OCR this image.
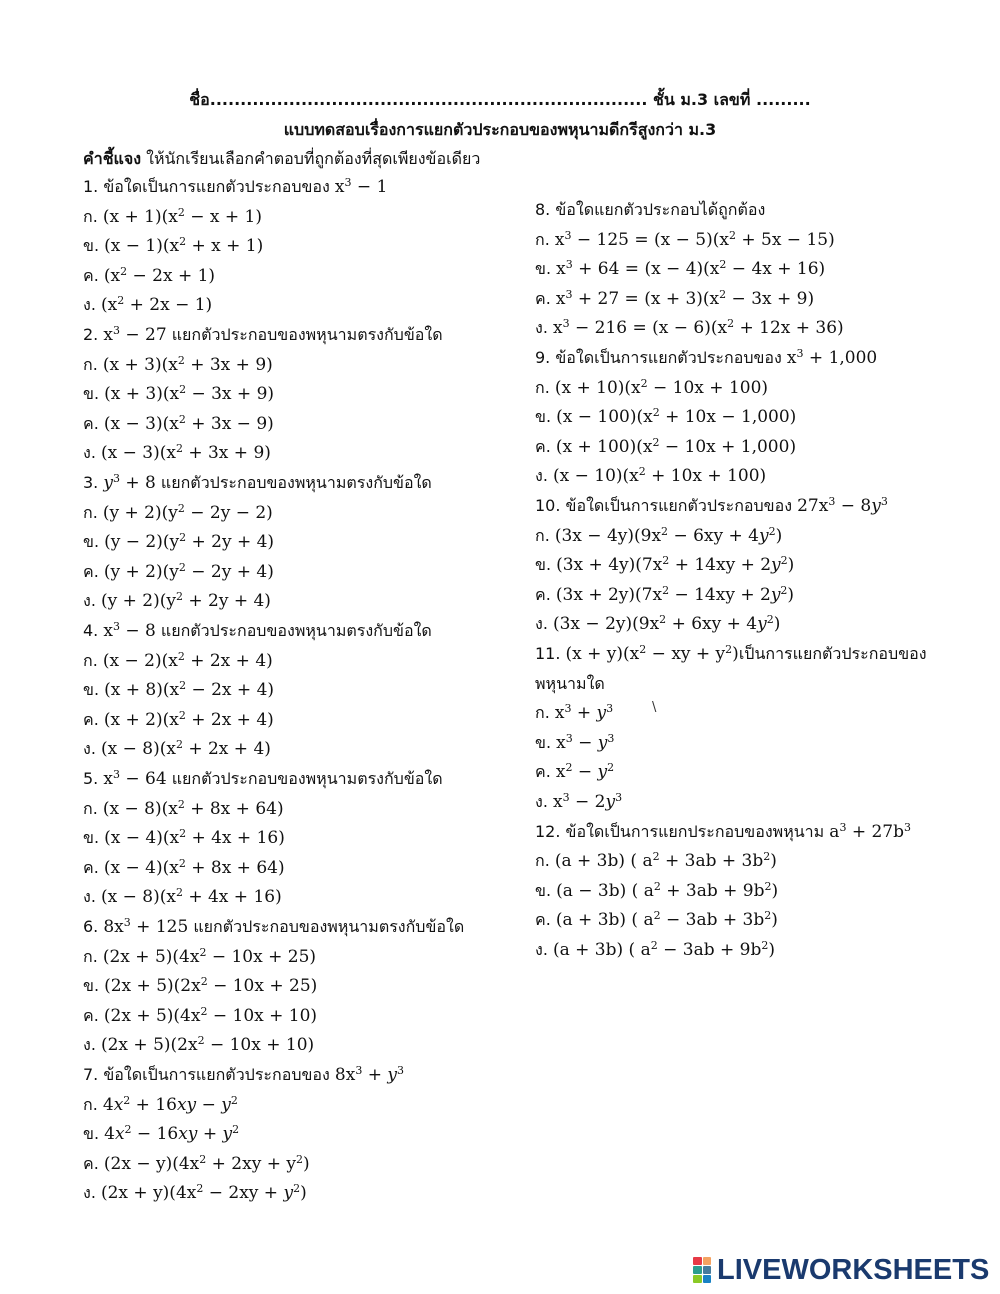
ชื่อ........................................................................ ชั้น ม.3 เลขที่ .........
แบบทดสอบเรื่องการแยกตัวประกอบของพหุนามดีกรีสูงกว่า ม.3
คำชี้แจง ให้นักเรียนเลือกคำตอบที่ถูกต้องที่สุดเพียงข้อเดียว
1. ข้อใดเป็นการแยกตัวประกอบของ $x^3 - 1$
ก. $(x + 1)(x^2 - x + 1)$
ข. $(x - 1)(x^2 + x + 1)$
ค. $(x^2 - 2x + 1)$
ง. $(x^2 + 2x - 1)$
2. $x^3 - 27$ แยกตัวประกอบของพหุนามตรงกับข้อใด
ก. $(x + 3)(x^2 + 3x + 9)$
ข. $(x + 3)(x^2 - 3x + 9)$
ค. $(x - 3)(x^2 + 3x - 9)$
ง. $(x - 3)(x^2 + 3x + 9)$
3. $y^3 + 8$ แยกตัวประกอบของพหุนามตรงกับข้อใด
ก. $(y + 2)(y^2 - 2y - 2)$
ข. $(y - 2)(y^2 + 2y + 4)$
ค. $(y + 2)(y^2 - 2y + 4)$
ง. $(y + 2)(y^2 + 2y + 4)$
4. $x^3 - 8$ แยกตัวประกอบของพหุนามตรงกับข้อใด
ก. $(x - 2)(x^2 + 2x + 4)$
ข. $(x + 8)(x^2 - 2x + 4)$
ค. $(x + 2)(x^2 + 2x + 4)$
ง. $(x - 8)(x^2 + 2x + 4)$
5. $x^3 - 64$ แยกตัวประกอบของพหุนามตรงกับข้อใด
ก. $(x - 8)(x^2 + 8x + 64)$
ข. $(x - 4)(x^2 + 4x + 16)$
ค. $(x - 4)(x^2 + 8x + 64)$
ง. $(x - 8)(x^2 + 4x + 16)$
6. $8x^3 + 125$ แยกตัวประกอบของพหุนามตรงกับข้อใด
ก. $(2x + 5)(4x^2 - 10x + 25)$
ข. $(2x + 5)(2x^2 - 10x + 25)$
ค. $(2x + 5)(4x^2 - 10x + 10)$
ง. $(2x + 5)(2x^2 - 10x + 10)$
7. ข้อใดเป็นการแยกตัวประกอบของ $8x^3 + y^3$
ก. $4x^2 + 16xy - y^2$
ข. $4x^2 - 16xy + y^2$
ค. $(2x - y)(4x^2 + 2xy + y^2)$
ง. $(2x + y)(4x^2 - 2xy + y^2)$
8. ข้อใดแยกตัวประกอบได้ถูกต้อง
ก. $x^3 - 125 = (x - 5)(x^2 + 5x - 15)$
ข. $x^3 + 64 = (x - 4)(x^2 - 4x + 16)$
ค. $x^3 + 27 = (x + 3)(x^2 - 3x + 9)$
ง. $x^3 - 216 = (x - 6)(x^2 + 12x + 36)$
9. ข้อใดเป็นการแยกตัวประกอบของ $x^3 + 1,000$
ก. $(x + 10)(x^2 - 10x + 100)$
ข. $(x - 100)(x^2 + 10x - 1,000)$
ค. $(x + 100)(x^2 - 10x + 1,000)$
ง. $(x - 10)(x^2 + 10x + 100)$
10. ข้อใดเป็นการแยกตัวประกอบของ $27x^3 - 8y^3$
ก. $(3x - 4y)(9x^2 - 6xy + 4y^2)$
ข. $(3x + 4y)(7x^2 + 14xy + 2y^2)$
ค. $(3x + 2y)(7x^2 - 14xy + 2y^2)$
ง. $(3x - 2y)(9x^2 + 6xy + 4y^2)$
11. $(x + y)(x^2$ − xy + $y^2$)เป็นการแยกตัวประกอบของ
พหุนามใด
ก. $x^3 + y^3$
ข. $x^3 - y^3$
ค. $x^2 - y^2$
ง. $x^3 - 2y^3$
12. ข้อใดเป็นการแยกประกอบของพหุนาม $a^3 + 27b^3$
ก. (a + 3b) ( $a^2 + 3ab + 3b^2$)
ข. (a − 3b) ( $a^2 + 3ab + 9b^2$)
ค. (a + 3b) ( $a^2 - 3ab + 3b^2$)
ง. (a + 3b) ( $a^2 - 3ab + 9b^2$)
\
LIVEWORKSHEETS
